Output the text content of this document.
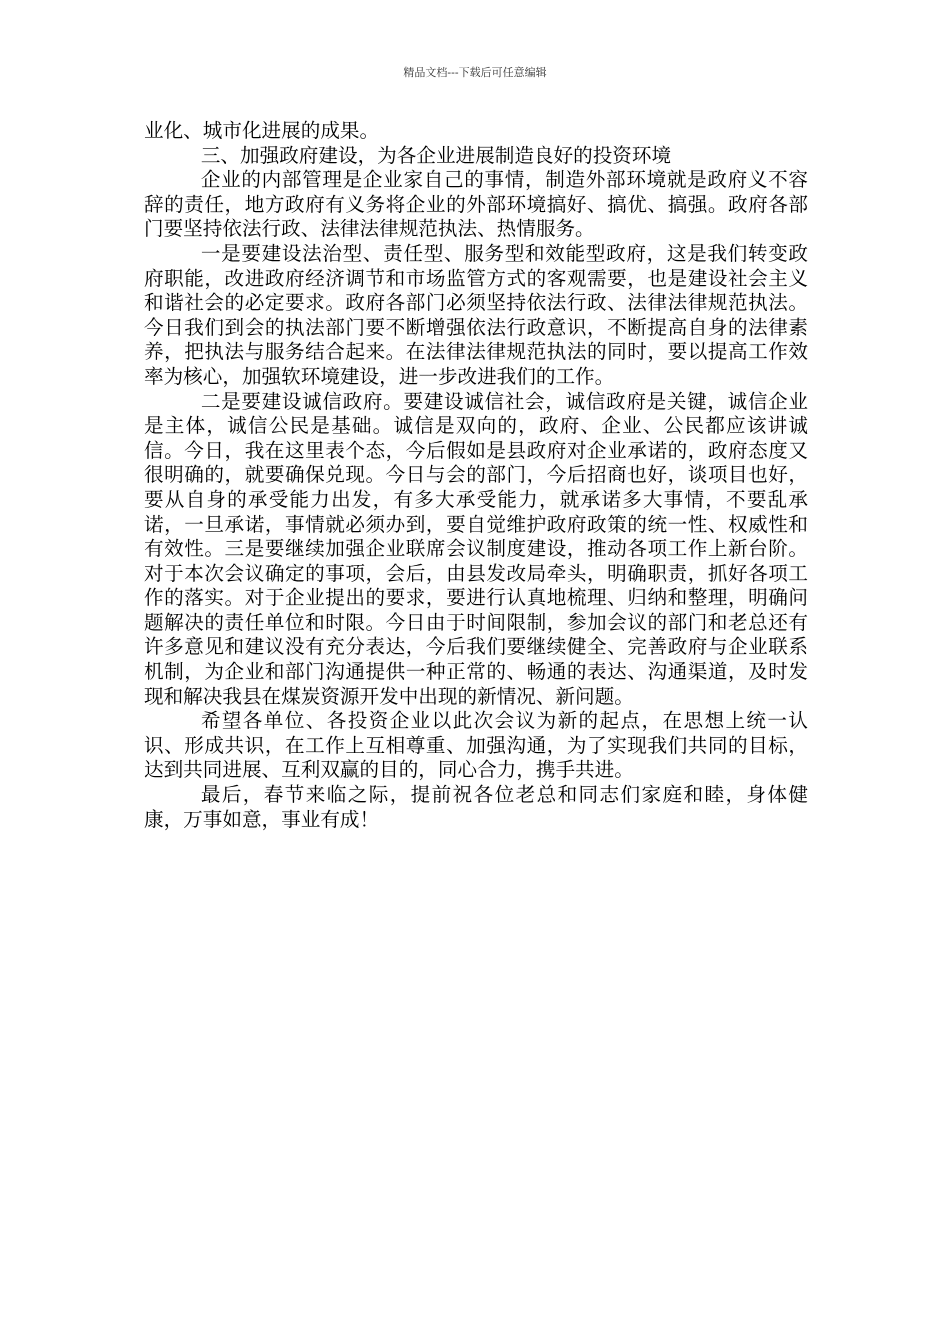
精品文档---下载后可任意编辑

业化、城市化进展的成果。

三、加强政府建设，为各企业进展制造良好的投资环境

企业的内部管理是企业家自己的事情，制造外部环境就是政府义不容辞的责任，地方政府有义务将企业的外部环境搞好、搞优、搞强。政府各部门要坚持依法行政、法律法律规范执法、热情服务。

一是要建设法治型、责任型、服务型和效能型政府，这是我们转变政府职能，改进政府经济调节和市场监管方式的客观需要，也是建设社会主义和谐社会的必定要求。政府各部门必须坚持依法行政、法律法律规范执法。今日我们到会的执法部门要不断增强依法行政意识，不断提高自身的法律素养，把执法与服务结合起来。在法律法律规范执法的同时，要以提高工作效率为核心，加强软环境建设，进一步改进我们的工作。

二是要建设诚信政府。要建设诚信社会，诚信政府是关键，诚信企业是主体，诚信公民是基础。诚信是双向的，政府、企业、公民都应该讲诚信。今日，我在这里表个态，今后假如是县政府对企业承诺的，政府态度又很明确的，就要确保兑现。今日与会的部门，今后招商也好，谈项目也好，要从自身的承受能力出发，有多大承受能力，就承诺多大事情，不要乱承诺，一旦承诺，事情就必须办到，要自觉维护政府政策的统一性、权威性和有效性。三是要继续加强企业联席会议制度建设，推动各项工作上新台阶。对于本次会议确定的事项，会后，由县发改局牵头，明确职责，抓好各项工作的落实。对于企业提出的要求，要进行认真地梳理、归纳和整理，明确问题解决的责任单位和时限。今日由于时间限制，参加会议的部门和老总还有许多意见和建议没有充分表达，今后我们要继续健全、完善政府与企业联系机制，为企业和部门沟通提供一种正常的、畅通的表达、沟通渠道，及时发现和解决我县在煤炭资源开发中出现的新情况、新问题。

希望各单位、各投资企业以此次会议为新的起点，在思想上统一认识、形成共识，在工作上互相尊重、加强沟通，为了实现我们共同的目标，达到共同进展、互利双赢的目的，同心合力，携手共进。

最后，春节来临之际，提前祝各位老总和同志们家庭和睦，身体健康，万事如意，事业有成！
